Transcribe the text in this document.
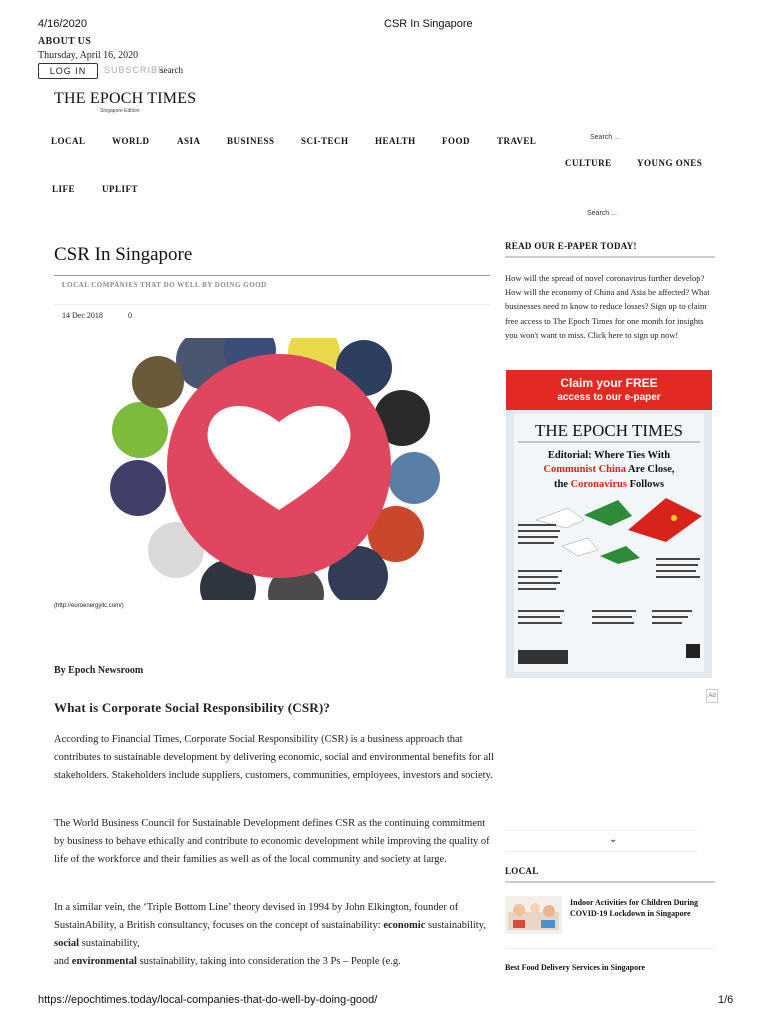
4/16/2020	CSR In Singapore
ABOUT US
Thursday, April 16, 2020
LOG IN	SUBSCRIBE
search
THE EPOCH TIMES
Singapore Edition
LOCAL	WORLD	ASIA	BUSINESS	SCI-TECH	HEALTH	FOOD	TRAVEL
CULTURE	YOUNG ONES
LIFE	UPLIFT
Search ...
Search ...
CSR In Singapore
LOCAL COMPANIES THAT DO WELL BY DOING GOOD
14 Dec 2018	0
(http://euroenergyllc.com/)
By Epoch Newsroom
What is Corporate Social Responsibility (CSR)?
According to Financial Times, Corporate Social Responsibility (CSR) is a business approach that contributes to sustainable development by delivering economic, social and environmental benefits for all stakeholders. Stakeholders include suppliers, customers, communities, employees, investors and society.
The World Business Council for Sustainable Development defines CSR as the continuing commitment by business to behave ethically and contribute to economic development while improving the quality of life of the workforce and their families as well as of the local community and society at large.
In a similar vein, the ‘Triple Bottom Line’ theory devised in 1994 by John Elkington, founder of SustainAbility, a British consultancy, focuses on the concept of sustainability: economic sustainability, social sustainability,
and environmental sustainability, taking into consideration the 3 Ps – People (e.g.
READ OUR E-PAPER TODAY!
How will the spread of novel coronavirus further develop? How will the economy of China and Asia be affected? What businesses need to know to reduce losses? Sign up to claim free access to The Epoch Times for one month for insights you won't want to miss. Click here to sign up now!
Claim your FREE
access to our e-paper
THE EPOCH TIMES
Editorial: Where Ties With
Communist China Are Close,
the Coronavirus Follows
Ad
⌄
LOCAL
Indoor Activities for Children During COVID-19 Lockdown in Singapore
Best Food Delivery Services in Singapore
https://epochtimes.today/local-companies-that-do-well-by-doing-good/	1/6
